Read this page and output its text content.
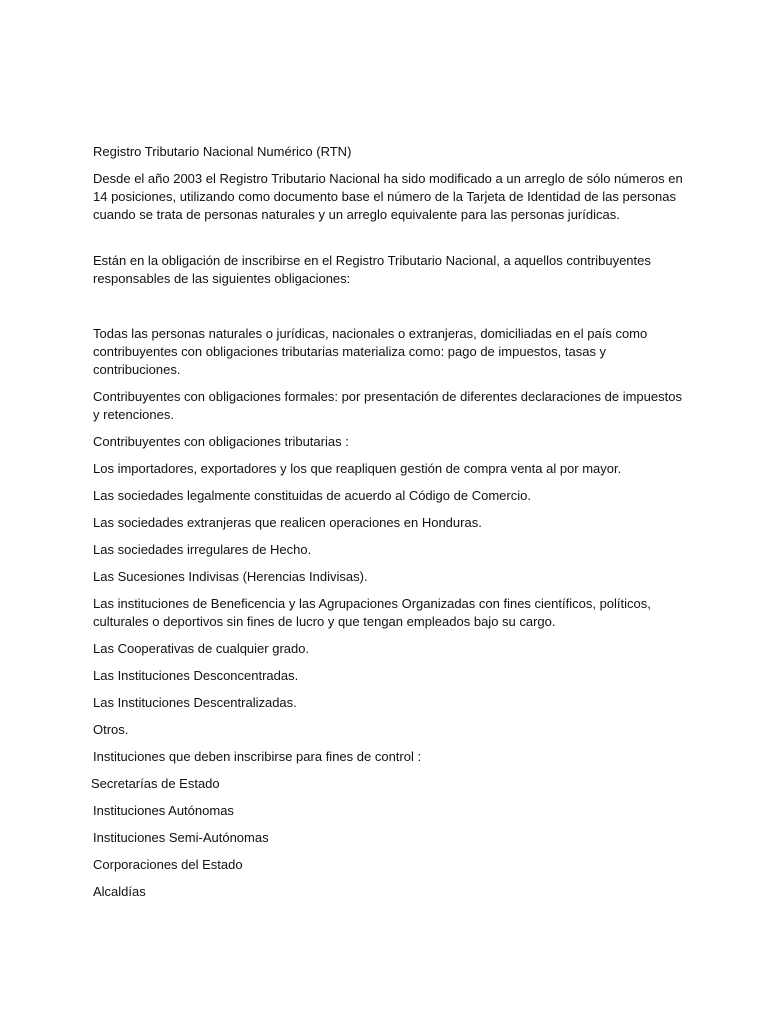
Registro Tributario Nacional Numérico (RTN)

Desde el año 2003 el Registro Tributario Nacional ha sido modificado a un arreglo de sólo números en 14 posiciones, utilizando como documento base el número de la Tarjeta de Identidad de las personas cuando se trata de personas naturales y un arreglo equivalente para las personas jurídicas.

Están en la obligación de inscribirse en el Registro Tributario Nacional, a aquellos contribuyentes responsables de las siguientes obligaciones:

Todas las personas naturales o jurídicas, nacionales o extranjeras, domiciliadas en el país como contribuyentes con obligaciones tributarias materializa como: pago de impuestos, tasas y contribuciones.

Contribuyentes con obligaciones formales: por presentación de diferentes declaraciones de impuestos y retenciones.

Contribuyentes con obligaciones tributarias :

Los importadores, exportadores y los que reapliquen gestión de compra venta al por mayor.

Las sociedades legalmente constituidas de acuerdo al Código de Comercio.

Las sociedades extranjeras que realicen operaciones en Honduras.

Las sociedades irregulares de Hecho.

Las Sucesiones Indivisas (Herencias Indivisas).

Las instituciones de Beneficencia y las Agrupaciones Organizadas con fines científicos, políticos, culturales o deportivos sin fines de lucro y que tengan empleados bajo su cargo.

Las Cooperativas de cualquier grado.

Las Instituciones Desconcentradas.

Las Instituciones Descentralizadas.

Otros.

Instituciones que deben inscribirse para fines de control :

Secretarías de Estado

Instituciones Autónomas

Instituciones Semi-Autónomas

Corporaciones del Estado

Alcaldías
